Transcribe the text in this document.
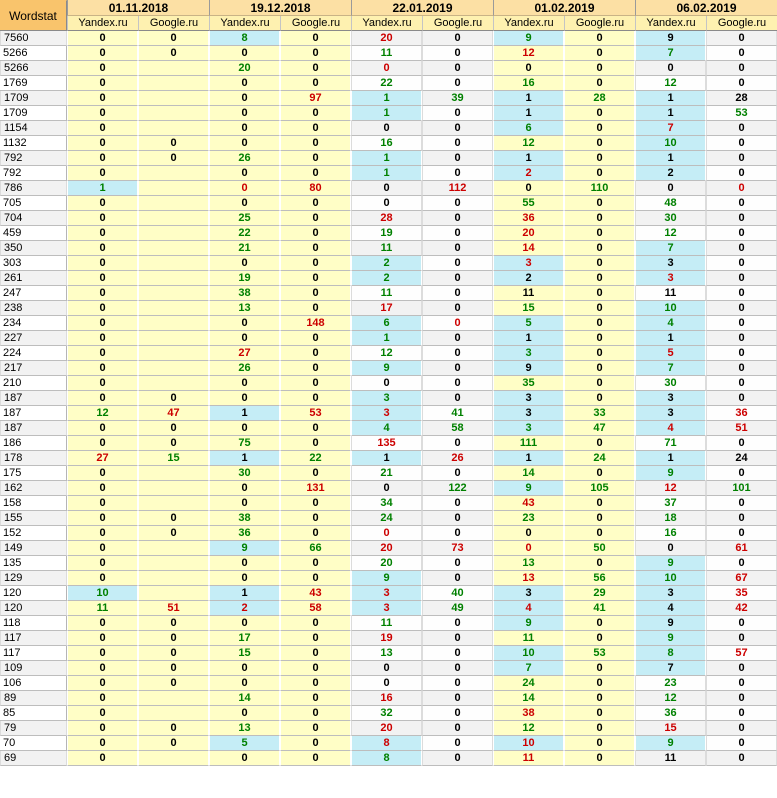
Wordstat	01.11.2018		19.12.2018		22.01.2019		01.02.2019		06.02.2019	
	Yandex.ru	Google.ru	Yandex.ru	Google.ru	Yandex.ru	Google.ru	Yandex.ru	Google.ru	Yandex.ru	Google.ru
7560	0	0	8	0	20	0	9	0	9	0
5266	0	0	0	0	11	0	12	0	7	0
5266	0		20	0	0	0	0	0	0	0
1769	0		0	0	22	0	16	0	12	0
1709	0		0	97	1	39	1	28	1	28
1709	0		0	0	1	0	1	0	1	53
1154	0		0	0	0	0	6	0	7	0
1132	0	0	0	0	16	0	12	0	10	0
792	0	0	26	0	1	0	1	0	1	0
792	0		0	0	1	0	2	0	2	0
786	1		0	80	0	112	0	110	0	0
705	0		0	0	0	0	55	0	48	0
704	0		25	0	28	0	36	0	30	0
459	0		22	0	19	0	20	0	12	0
350	0		21	0	11	0	14	0	7	0
303	0		0	0	2	0	3	0	3	0
261	0		19	0	2	0	2	0	3	0
247	0		38	0	11	0	11	0	11	0
238	0		13	0	17	0	15	0	10	0
234	0		0	148	6	0	5	0	4	0
227	0		0	0	1	0	1	0	1	0
224	0		27	0	12	0	3	0	5	0
217	0		26	0	9	0	9	0	7	0
210	0		0	0	0	0	35	0	30	0
187	0	0	0	0	3	0	3	0	3	0
187	12	47	1	53	3	41	3	33	3	36
187	0	0	0	0	4	58	3	47	4	51
186	0	0	75	0	135	0	111	0	71	0
178	27	15	1	22	1	26	1	24	1	24
175	0		30	0	21	0	14	0	9	0
162	0		0	131	0	122	9	105	12	101
158	0		0	0	34	0	43	0	37	0
155	0	0	38	0	24	0	23	0	18	0
152	0	0	36	0	0	0	0	0	16	0
149	0		9	66	20	73	0	50	0	61
135	0		0	0	20	0	13	0	9	0
129	0		0	0	9	0	13	56	10	67
120	10		1	43	3	40	3	29	3	35
120	11	51	2	58	3	49	4	41	4	42
118	0	0	0	0	11	0	9	0	9	0
117	0	0	17	0	19	0	11	0	9	0
117	0	0	15	0	13	0	10	53	8	57
109	0	0	0	0	0	0	7	0	7	0
106	0	0	0	0	0	0	24	0	23	0
89	0		14	0	16	0	14	0	12	0
85	0		0	0	32	0	38	0	36	0
79	0	0	13	0	20	0	12	0	15	0
70	0	0	5	0	8	0	10	0	9	0
69	0		0	0	8	0	11	0	11	0
